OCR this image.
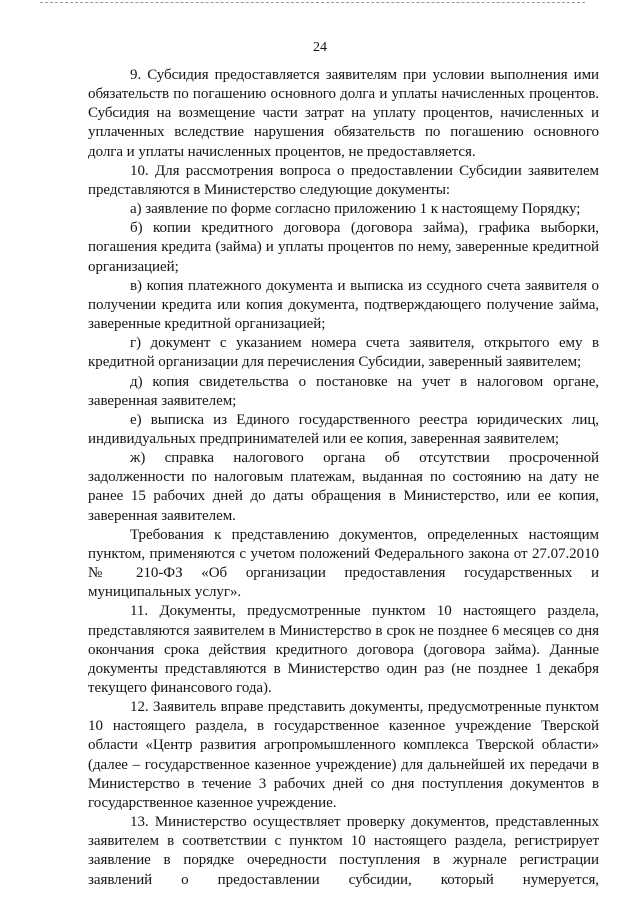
24

9. Субсидия предоставляется заявителям при условии выполнения ими обязательств по погашению основного долга и уплаты начисленных процентов. Субсидия на возмещение части затрат на уплату процентов, начисленных и уплаченных вследствие нарушения обязательств по погашению основного долга и уплаты начисленных процентов, не предоставляется.

10. Для рассмотрения вопроса о предоставлении Субсидии заявителем представляются в Министерство следующие документы:

а) заявление по форме согласно приложению 1 к настоящему Порядку;

б) копии кредитного договора (договора займа), графика выборки, погашения кредита (займа) и уплаты процентов по нему, заверенные кредитной организацией;

в) копия платежного документа и выписка из ссудного счета заявителя о получении кредита или копия документа, подтверждающего получение займа, заверенные кредитной организацией;

г) документ с указанием номера счета заявителя, открытого ему в кредитной организации для перечисления Субсидии, заверенный заявителем;

д) копия свидетельства о постановке на учет в налоговом органе, заверенная заявителем;

е) выписка из Единого государственного реестра юридических лиц, индивидуальных предпринимателей или ее копия, заверенная заявителем;

ж) справка налогового органа об отсутствии просроченной задолженности по налоговым платежам, выданная по состоянию на дату не ранее 15 рабочих дней до даты обращения в Министерство, или ее копия, заверенная заявителем.

Требования к представлению документов, определенных настоящим пунктом, применяются с учетом положений Федерального закона от 27.07.2010 № 210-ФЗ «Об организации предоставления государственных и муниципальных услуг».

11. Документы, предусмотренные пунктом 10 настоящего раздела, представляются заявителем в Министерство в срок не позднее 6 месяцев со дня окончания срока действия кредитного договора (договора займа). Данные документы представляются в Министерство один раз (не позднее 1 декабря текущего финансового года).

12. Заявитель вправе представить документы, предусмотренные пунктом 10 настоящего раздела, в государственное казенное учреждение Тверской области «Центр развития агропромышленного комплекса Тверской области» (далее – государственное казенное учреждение) для дальнейшей их передачи в Министерство в течение 3 рабочих дней со дня поступления документов в государственное казенное учреждение.

13. Министерство осуществляет проверку документов, представленных заявителем в соответствии с пунктом 10 настоящего раздела, регистрирует заявление в порядке очередности поступления в журнале регистрации заявлений о предоставлении субсидии, который нумеруется,
